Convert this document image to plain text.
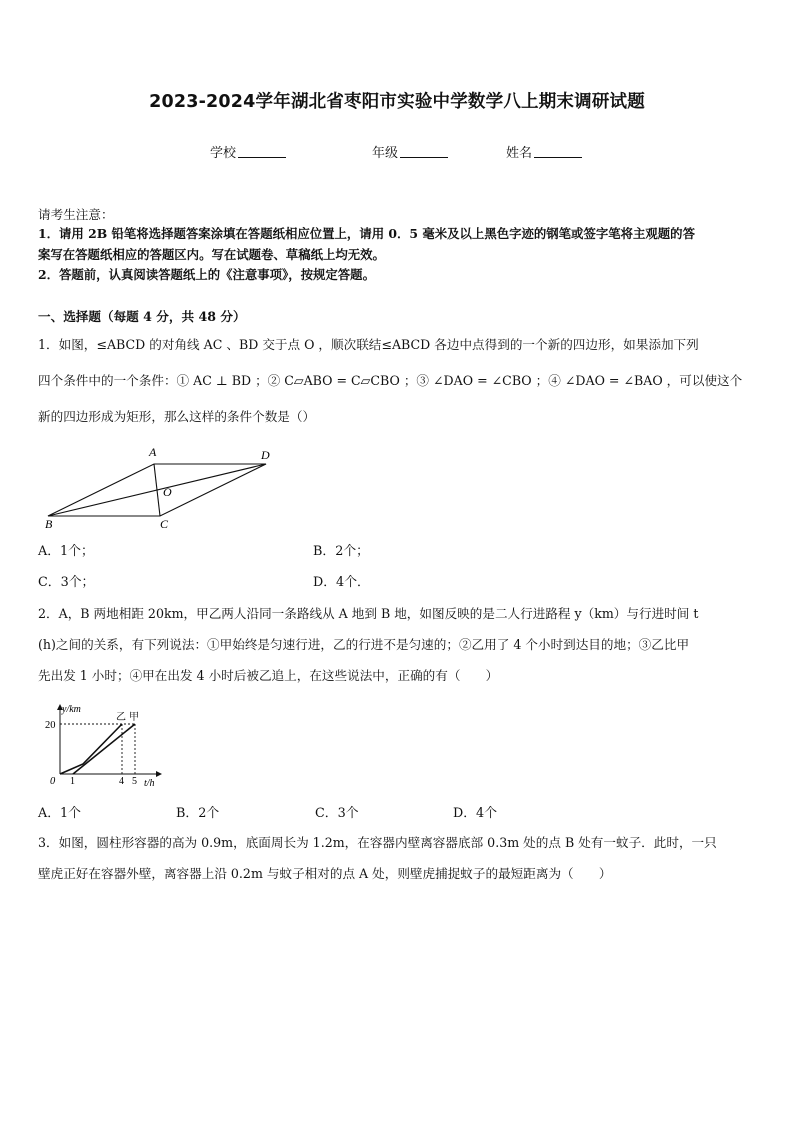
2023-2024学年湖北省枣阳市实验中学数学八上期末调研试题
学校	年级	姓名
请考生注意：
1．请用 2B 铅笔将选择题答案涂填在答题纸相应位置上，请用 0．5 毫米及以上黑色字迹的钢笔或签字笔将主观题的答
案写在答题纸相应的答题区内。写在试题卷、草稿纸上均无效。
2．答题前，认真阅读答题纸上的《注意事项》，按规定答题。
一、选择题（每题 4 分，共 48 分）
1．如图，≤ABCD 的对角线 AC 、BD 交于点 O ，顺次联结≤ABCD 各边中点得到的一个新的四边形，如果添加下列
四个条件中的一个条件：① AC ⊥ BD ；② C▱ABO = C▱CBO ；③ ∠DAO = ∠CBO ；④ ∠DAO = ∠BAO ，可以使这个
新的四边形成为矩形，那么这样的条件个数是（）
A	D
O
B	C
A．1个；	B．2个；
C．3个；	D．4个．
2．A，B 两地相距 20km，甲乙两人沿同一条路线从 A 地到 B 地，如图反映的是二人行进路程 y（km）与行进时间 t
(h)之间的关系，有下列说法：①甲始终是匀速行进，乙的行进不是匀速的；②乙用了 4 个小时到达目的地；③乙比甲
先出发 1 小时；④甲在出发 4 小时后被乙追上，在这些说法中，正确的有（　　）
y/km
t/h
20
0 1	4 5
乙 甲
A．1个	B．2个	C．3个	D．4个
3．如图，圆柱形容器的高为 0.9m，底面周长为 1.2m，在容器内壁离容器底部 0.3m 处的点 B 处有一蚊子．此时，一只
壁虎正好在容器外壁，离容器上沿 0.2m 与蚊子相对的点 A 处，则壁虎捕捉蚊子的最短距离为（　　）
